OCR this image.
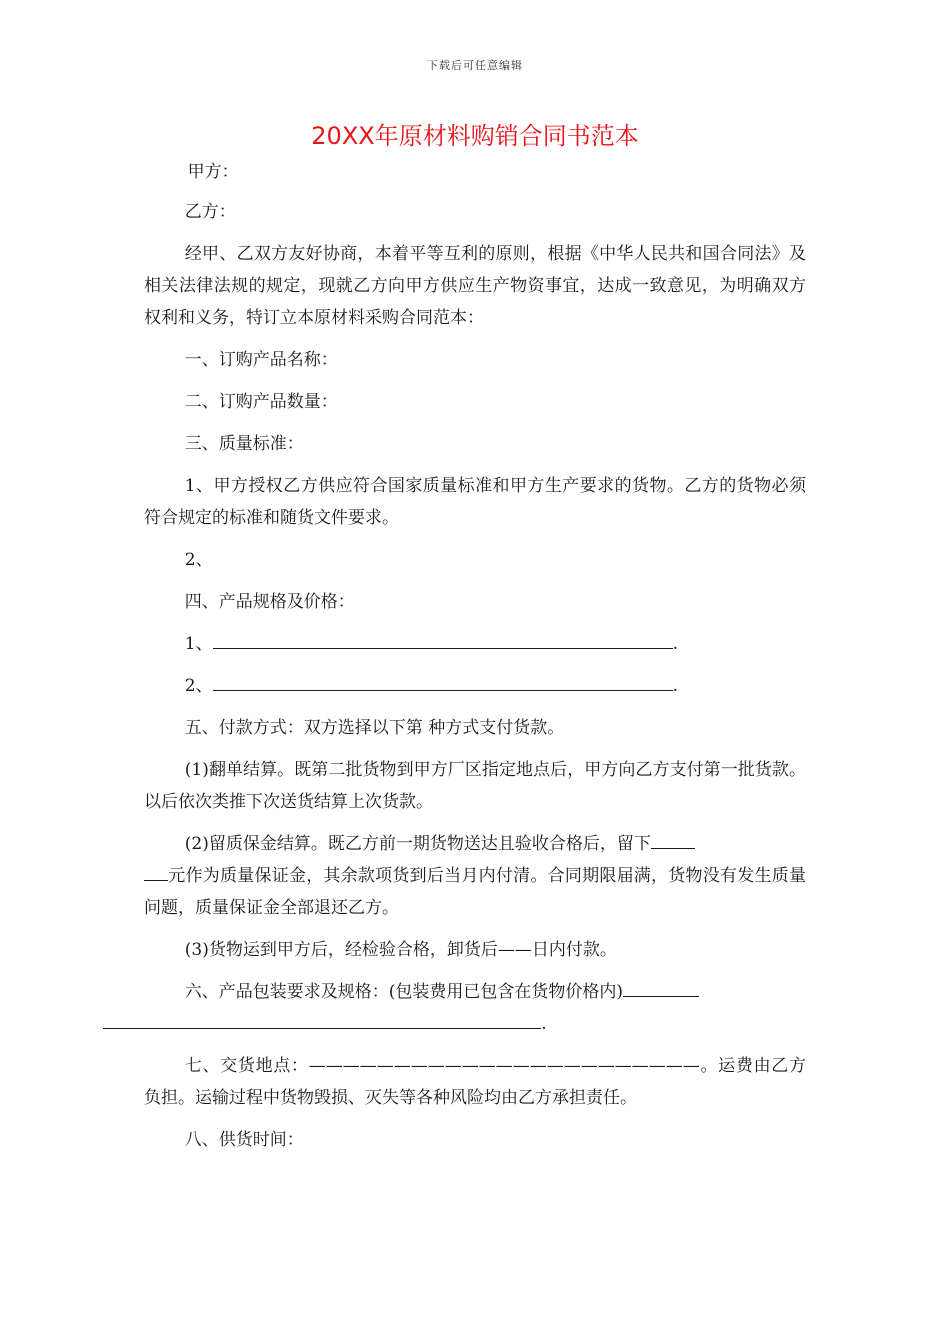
下载后可任意编辑
20XX年原材料购销合同书范本

甲方：

乙方：

经甲、乙双方友好协商，本着平等互利的原则，根据《中华人民共和国合同法》及相关法律法规的规定，现就乙方向甲方供应生产物资事宜，达成一致意见，为明确双方权利和义务，特订立本原材料采购合同范本：

一、订购产品名称：

二、订购产品数量：

三、质量标准：

1、甲方授权乙方供应符合国家质量标准和甲方生产要求的货物。乙方的货物必须符合规定的标准和随货文件要求。

2、

四、产品规格及价格：

1、	.

2、	.

五、付款方式：双方选择以下第 种方式支付货款。

(1)翻单结算。既第二批货物到甲方厂区指定地点后，甲方向乙方支付第一批货款。以后依次类推下次送货结算上次货款。

(2)留质保金结算。既乙方前一期货物送达且验收合格后，留下
元作为质量保证金，其余款项货到后当月内付清。合同期限届满，货物没有发生质量问题，质量保证金全部退还乙方。

(3)货物运到甲方后，经检验合格，卸货后——日内付款。

六、产品包装要求及规格：(包装费用已包含在货物价格内)
.

七、交货地点：———————————————————————。运费由乙方负担。运输过程中货物毁损、灭失等各种风险均由乙方承担责任。

八、供货时间：
